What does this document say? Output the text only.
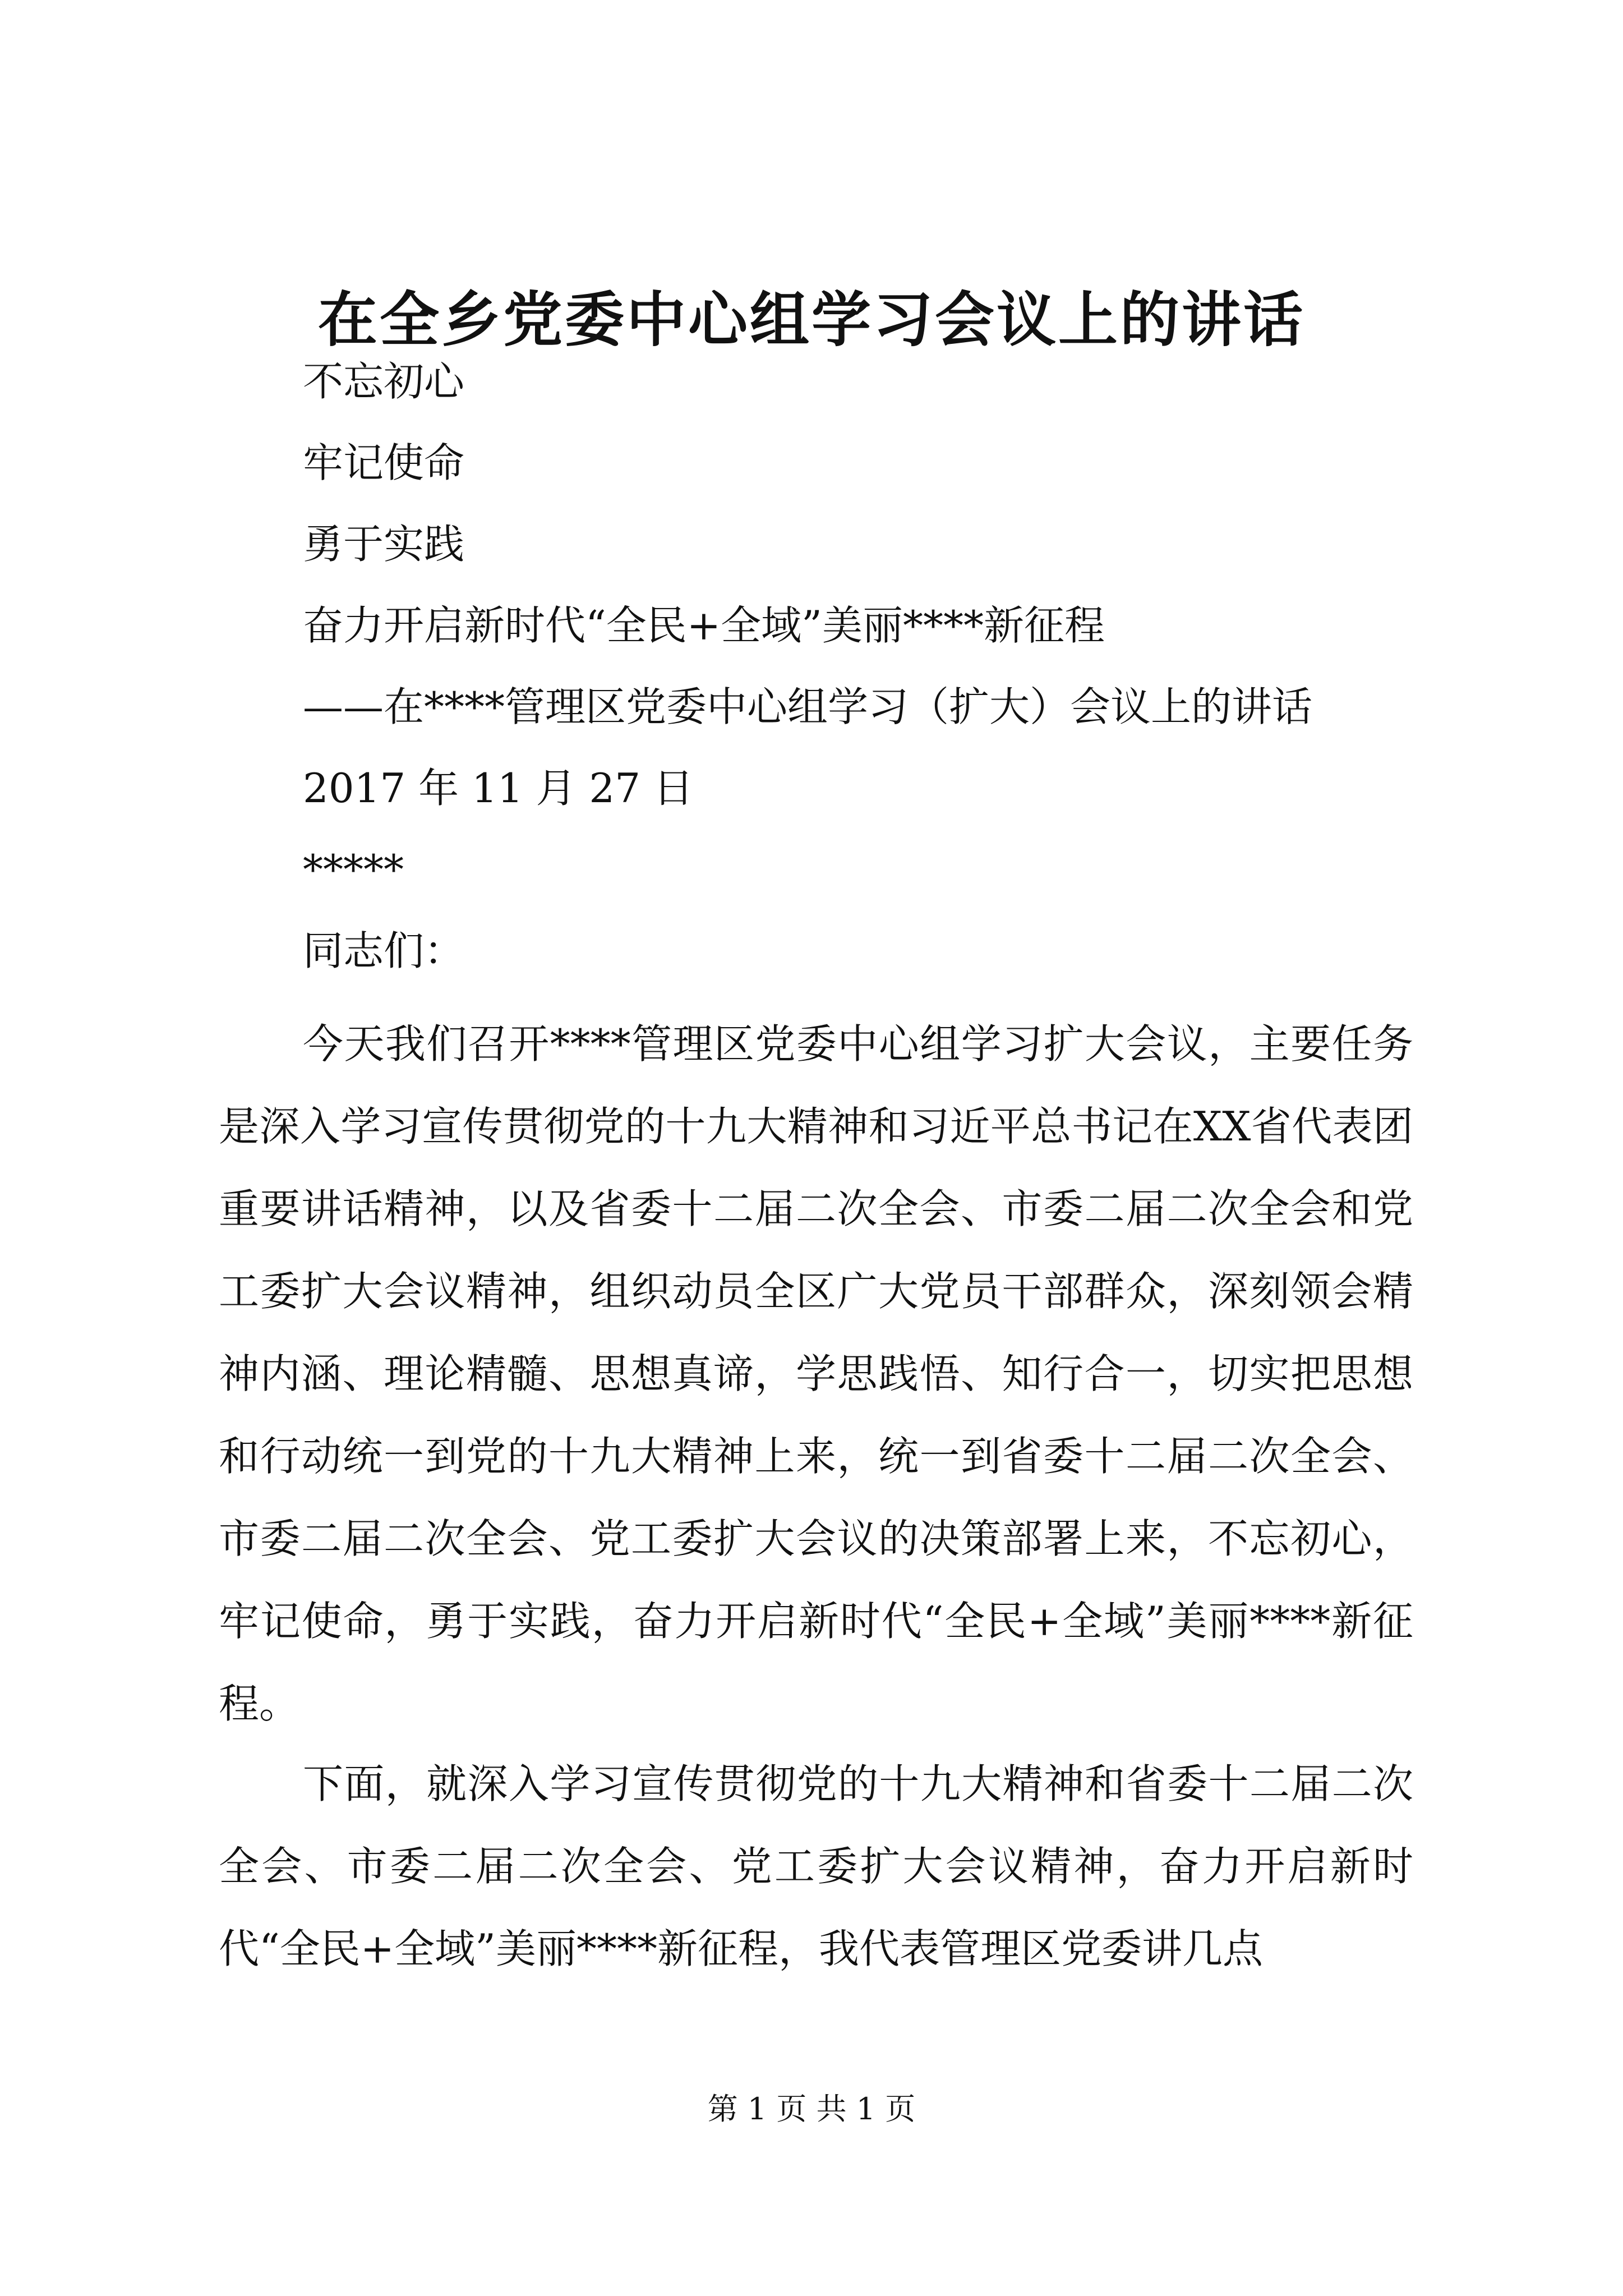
在全乡党委中心组学习会议上的讲话
不忘初心
牢记使命
勇于实践
奋力开启新时代“全民+全域”美丽****新征程
——在****管理区党委中心组学习（扩大）会议上的讲话
2017 年 11 月 27 日
*****
同志们：

今天我们召开****管理区党委中心组学习扩大会议，主要任务是深入学习宣传贯彻党的十九大精神和习近平总书记在XX省代表团重要讲话精神，以及省委十二届二次全会、市委二届二次全会和党工委扩大会议精神，组织动员全区广大党员干部群众，深刻领会精神内涵、理论精髓、思想真谛，学思践悟、知行合一，切实把思想和行动统一到党的十九大精神上来，统一到省委十二届二次全会、市委二届二次全会、党工委扩大会议的决策部署上来，不忘初心，牢记使命，勇于实践，奋力开启新时代“全民+全域”美丽****新征程。

下面，就深入学习宣传贯彻党的十九大精神和省委十二届二次全会、市委二届二次全会、党工委扩大会议精神，奋力开启新时代“全民+全域”美丽****新征程，我代表管理区党委讲几点

第 1 页 共 1 页
